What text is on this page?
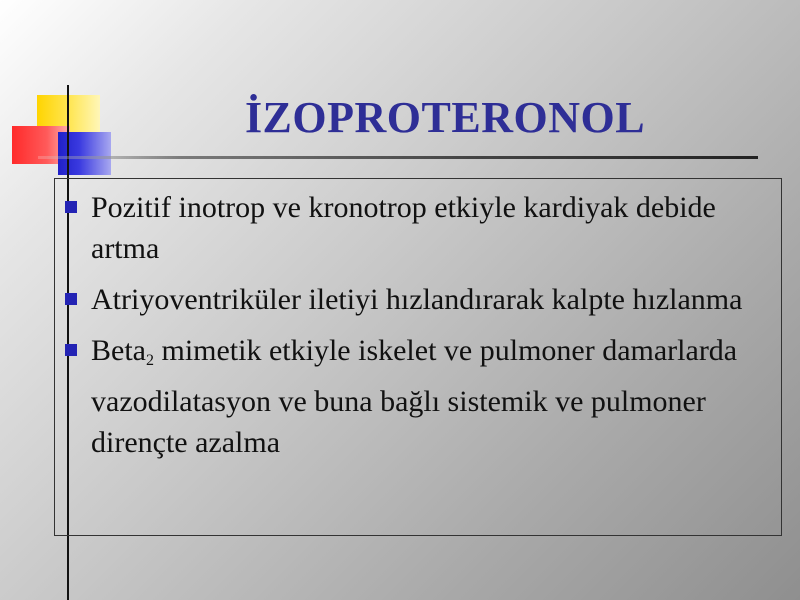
İZOPROTERONOL
Pozitif inotrop ve kronotrop etkiyle kardiyak debide artma
Atriyoventriküler iletiyi hızlandırarak kalpte hızlanma
Beta$_2$ mimetik etkiyle iskelet ve pulmoner damarlarda vazodilatasyon ve buna bağlı sistemik ve pulmoner dirençte azalma
